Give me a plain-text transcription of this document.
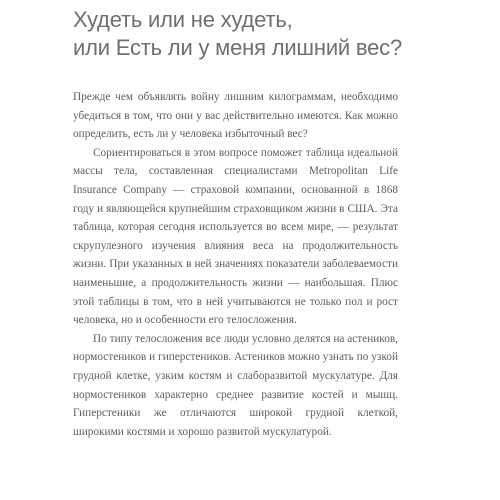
Худеть или не худеть,
или Есть ли у меня лишний вес?

Прежде чем объявлять войну лишним килограммам, необходимо убедиться в том, что они у вас действительно имеются. Как можно определить, есть ли у человека избыточный вес?

Сориентироваться в этом вопросе поможет таблица идеальной массы тела, составленная специалистами Metropolitan Life Insurance Company — страховой компании, основанной в 1868 году и являющейся крупнейшим страховщиком жизни в США. Эта таблица, которая сегодня используется во всем мире, — результат скрупулезного изучения влияния веса на продолжительность жизни. При указанных в ней значениях показатели заболеваемости наименьшие, а продолжительность жизни — наибольшая. Плюс этой таблицы в том, что в ней учитываются не только пол и рост человека, но и особенности его телосложения.

По типу телосложения все люди условно делятся на астеников, нормостеников и гиперстеников. Астеников можно узнать по узкой грудной клетке, узким костям и слаборазвитой мускулатуре. Для нормостеников характерно среднее развитие костей и мышц. Гиперстеники же отличаются широкой грудной клеткой, широкими костями и хорошо развитой мускулатурой.
